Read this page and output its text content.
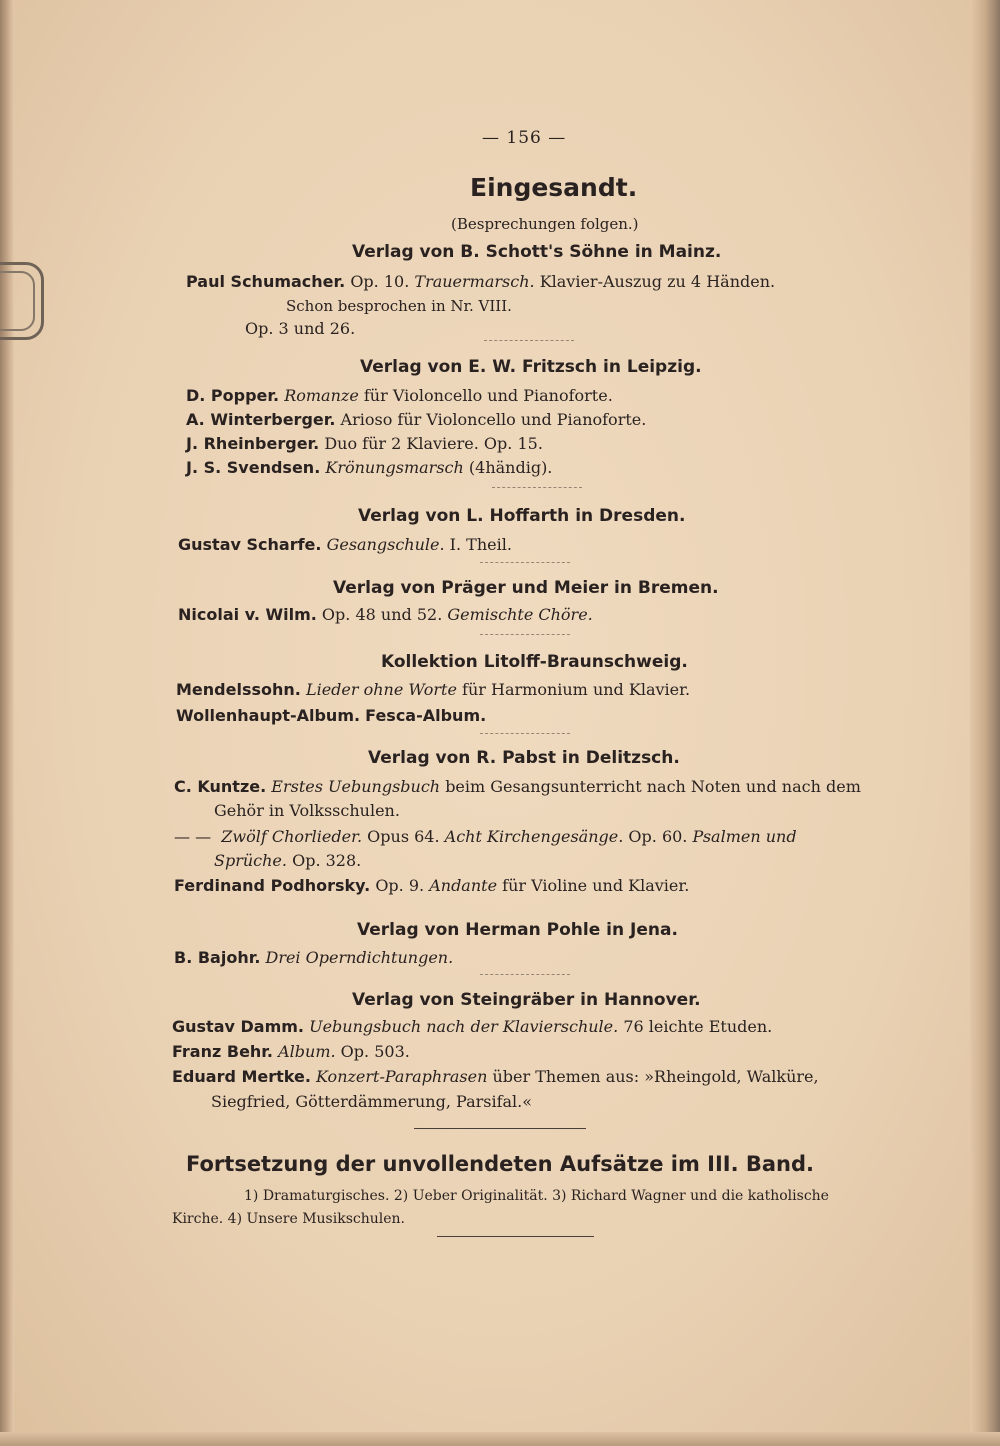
— 156 —
Eingesandt.
(Besprechungen folgen.)
Verlag von B. Schott's Söhne in Mainz.
Paul Schumacher. Op. 10. Trauermarsch. Klavier-Auszug zu 4 Händen.
Schon besprochen in Nr. VIII.
Op. 3 und 26.
Verlag von E. W. Fritzsch in Leipzig.
D. Popper. Romanze für Violoncello und Pianoforte.
A. Winterberger. Arioso für Violoncello und Pianoforte.
J. Rheinberger. Duo für 2 Klaviere. Op. 15.
J. S. Svendsen. Krönungsmarsch (4händig).
Verlag von L. Hoffarth in Dresden.
Gustav Scharfe. Gesangschule. I. Theil.
Verlag von Präger und Meier in Bremen.
Nicolai v. Wilm. Op. 48 und 52. Gemischte Chöre.
Kollektion Litolff-Braunschweig.
Mendelssohn. Lieder ohne Worte für Harmonium und Klavier.
Wollenhaupt-Album. Fesca-Album.
Verlag von R. Pabst in Delitzsch.
C. Kuntze. Erstes Uebungsbuch beim Gesangsunterricht nach Noten und nach dem
Gehör in Volksschulen.
— — Zwölf Chorlieder. Opus 64. Acht Kirchengesänge. Op. 60. Psalmen und
Sprüche. Op. 328.
Ferdinand Podhorsky. Op. 9. Andante für Violine und Klavier.
Verlag von Herman Pohle in Jena.
B. Bajohr. Drei Operndichtungen.
Verlag von Steingräber in Hannover.
Gustav Damm. Uebungsbuch nach der Klavierschule. 76 leichte Etuden.
Franz Behr. Album. Op. 503.
Eduard Mertke. Konzert-Paraphrasen über Themen aus: »Rheingold, Walküre,
Siegfried, Götterdämmerung, Parsifal.«
Fortsetzung der unvollendeten Aufsätze im III. Band.
1) Dramaturgisches. 2) Ueber Originalität. 3) Richard Wagner und die katholische
Kirche. 4) Unsere Musikschulen.
